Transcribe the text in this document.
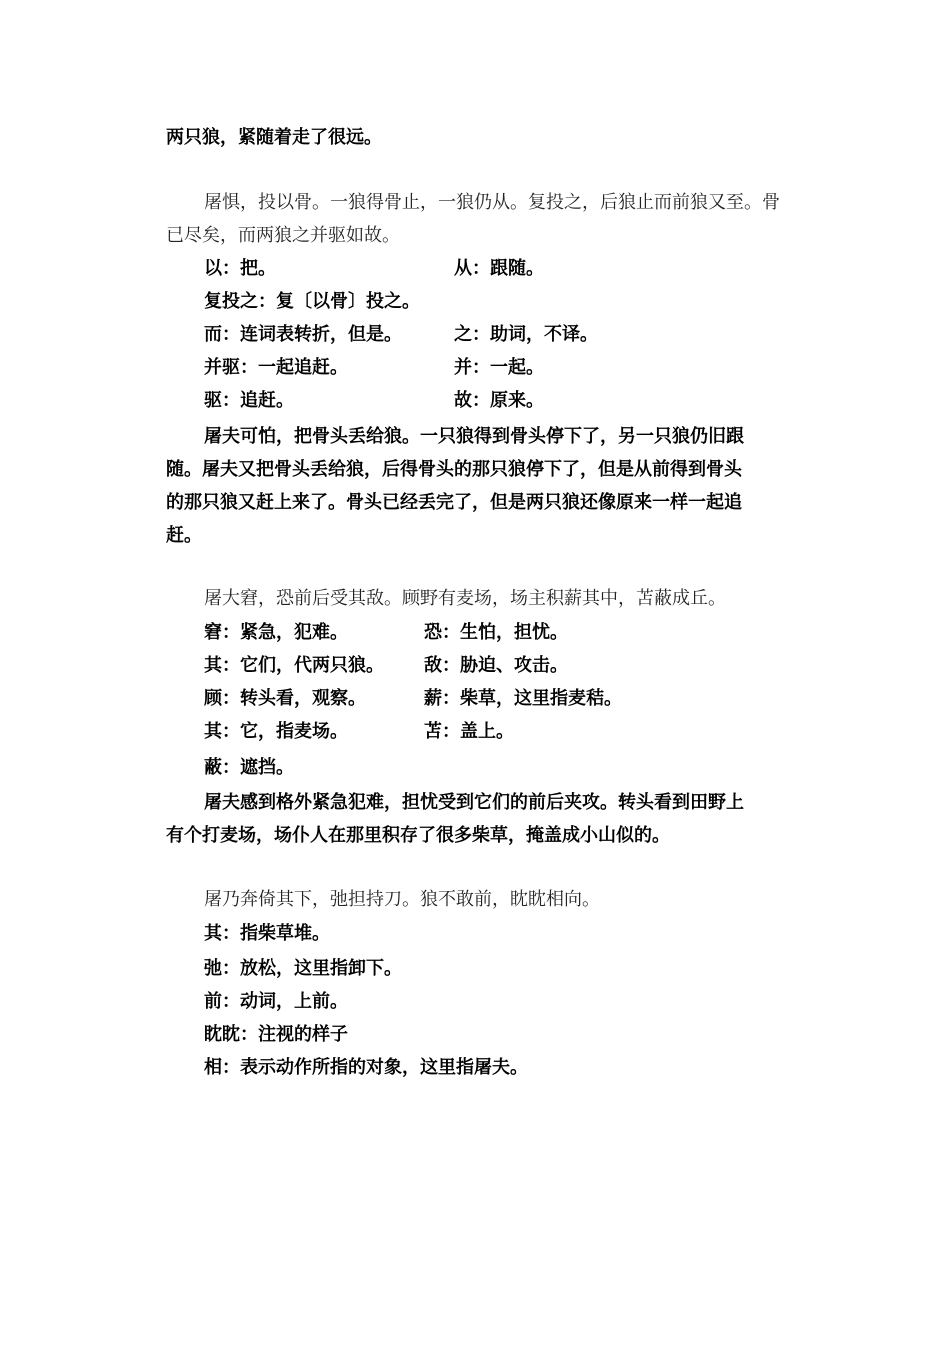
两只狼，紧随着走了很远。
屠惧，投以骨。一狼得骨止，一狼仍从。复投之，后狼止而前狼又至。骨
已尽矣，而两狼之并驱如故。
以：把。	从：跟随。
复投之：复〔以骨〕投之。
而：连词表转折，但是。	之：助词，不译。
并驱：一起追赶。	并：一起。
驱：追赶。	故：原来。
屠夫可怕，把骨头丢给狼。一只狼得到骨头停下了，另一只狼仍旧跟
随。屠夫又把骨头丢给狼，后得骨头的那只狼停下了，但是从前得到骨头
的那只狼又赶上来了。骨头已经丢完了，但是两只狼还像原来一样一起追
赶。
屠大窘，恐前后受其敌。顾野有麦场，场主积薪其中，苫蔽成丘。
窘：紧急，犯难。	恐：生怕，担忧。
其：它们，代两只狼。 敌：胁迫、攻击。
顾：转头看，观察。	薪：柴草，这里指麦秸。
其：它，指麦场。	苫：盖上。
蔽：遮挡。
屠夫感到格外紧急犯难，担忧受到它们的前后夹攻。转头看到田野上
有个打麦场，场仆人在那里积存了很多柴草，掩盖成小山似的。
屠乃奔倚其下，弛担持刀。狼不敢前，眈眈相向。
其：指柴草堆。
弛：放松，这里指卸下。
前：动词，上前。
眈眈：注视的样子
相：表示动作所指的对象，这里指屠夫。
